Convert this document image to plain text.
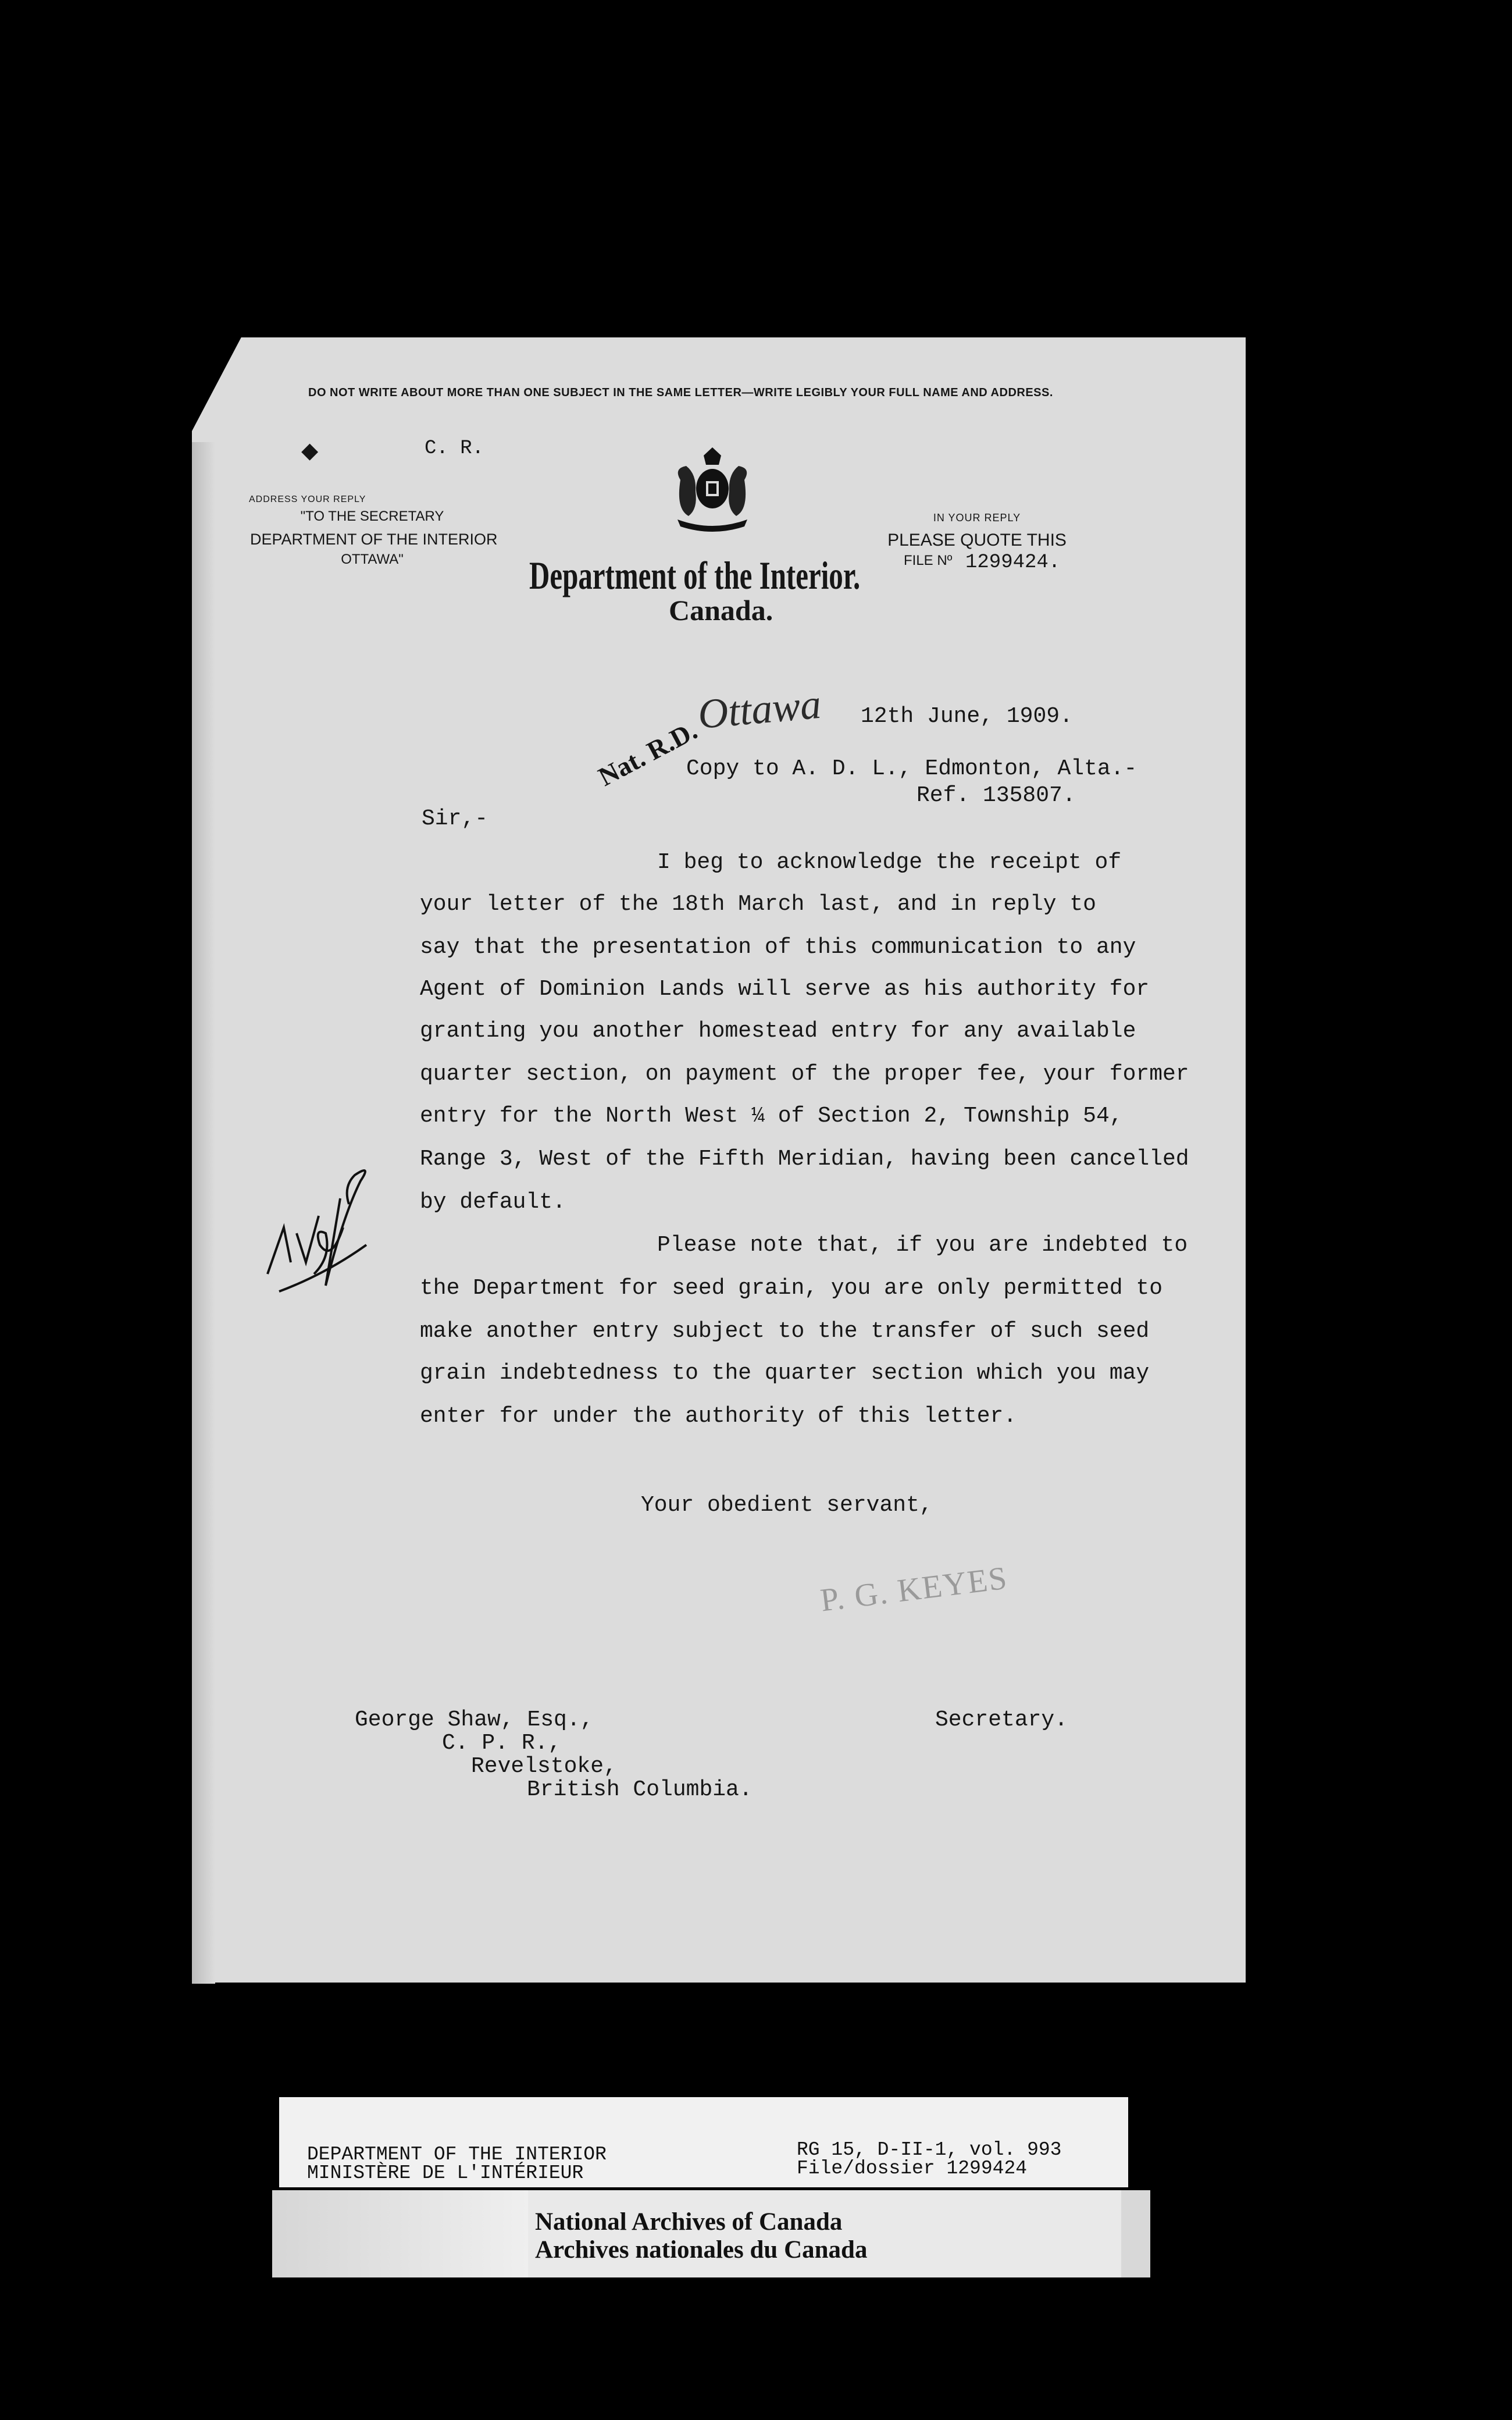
DO NOT WRITE ABOUT MORE THAN ONE SUBJECT IN THE SAME LETTER—WRITE LEGIBLY YOUR FULL NAME AND ADDRESS.
◆	C. R.
ADDRESS YOUR REPLY
"TO THE SECRETARY
DEPARTMENT OF THE INTERIOR
OTTAWA"	Department of the Interior.
Canada.
IN YOUR REPLY
PLEASE QUOTE THIS
FILE Nº 1299424.
Ottawa
Nat. R.D.	12th June, 1909.
Copy to A. D. L., Edmonton, Alta.-
Ref. 135807.
Sir,-
I beg to acknowledge the receipt of
your letter of the 18th March last, and in reply to
say that the presentation of this communication to any
Agent of Dominion Lands will serve as his authority for
granting you another homestead entry for any available
quarter section, on payment of the proper fee, your former
entry for the North West ¼ of Section 2, Township 54,
Range 3, West of the Fifth Meridian, having been cancelled
by default.
Please note that, if you are indebted to
the Department for seed grain, you are only permitted to
make another entry subject to the transfer of such seed
grain indebtedness to the quarter section which you may
enter for under the authority of this letter.
Your obedient servant,
P. G. KEYES
George Shaw, Esq.,
C. P. R.,
Revelstoke,
British Columbia.
Secretary.
DEPARTMENT OF THE INTERIOR
MINISTÈRE DE L'INTÉRIEUR
RG 15, D-II-1, vol. 993
File/dossier 1299424
National Archives of Canada
Archives nationales du Canada
